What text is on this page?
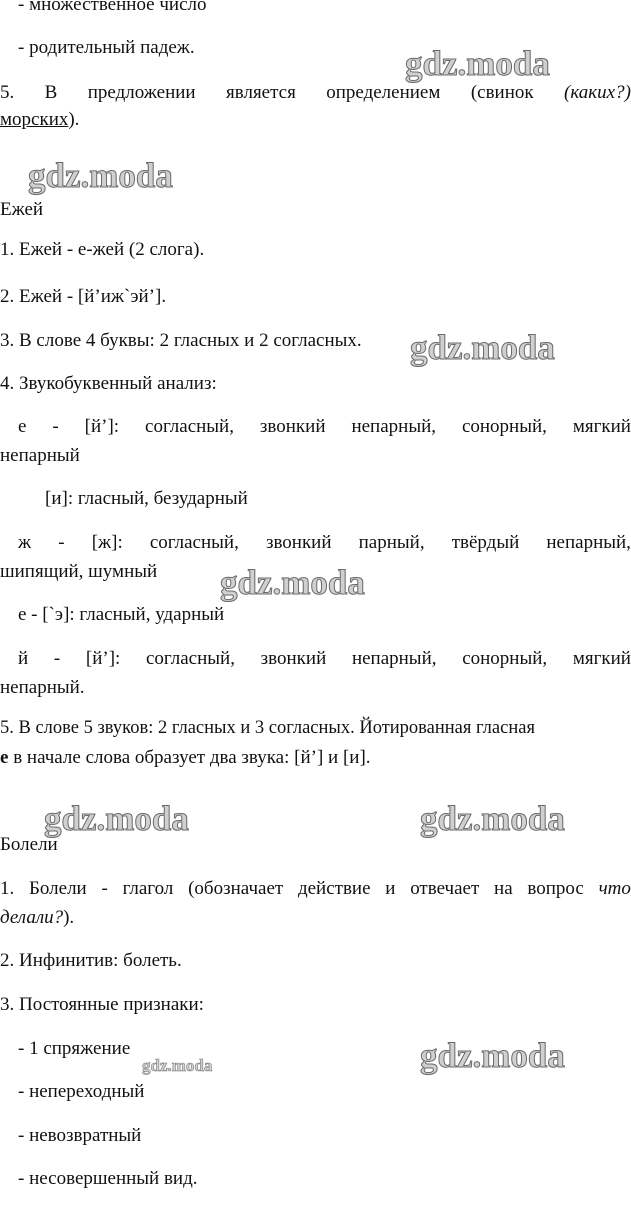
- множественное число
- родительный падеж.
5. В предложении является определением (свинок (каких?)
морских).
Ежей
1. Ежей - е-жей (2 слога).
2. Ежей - [й’иж`эй’].
3. В слове 4 буквы: 2 гласных и 2 согласных.
4. Звукобуквенный анализ:
е - [й’]: согласный, звонкий непарный, сонорный, мягкий
непарный
[и]: гласный, безударный
ж - [ж]: согласный, звонкий парный, твёрдый непарный,
шипящий, шумный
е - [`э]: гласный, ударный
й - [й’]: согласный, звонкий непарный, сонорный, мягкий
непарный.
5. В слове 5 звуков: 2 гласных и 3 согласных. Йотированная гласная
е в начале слова образует два звука: [й’] и [и].
Болели
1. Болели - глагол (обозначает действие и отвечает на вопрос что
делали?).
2. Инфинитив: болеть.
3. Постоянные признаки:
- 1 спряжение
- непереходный
- невозвратный
- несовершенный вид.
gdz.moda
gdz.moda
gdz.moda
gdz.moda
gdz.moda	gdz.moda
gdz.moda
gdz.moda
